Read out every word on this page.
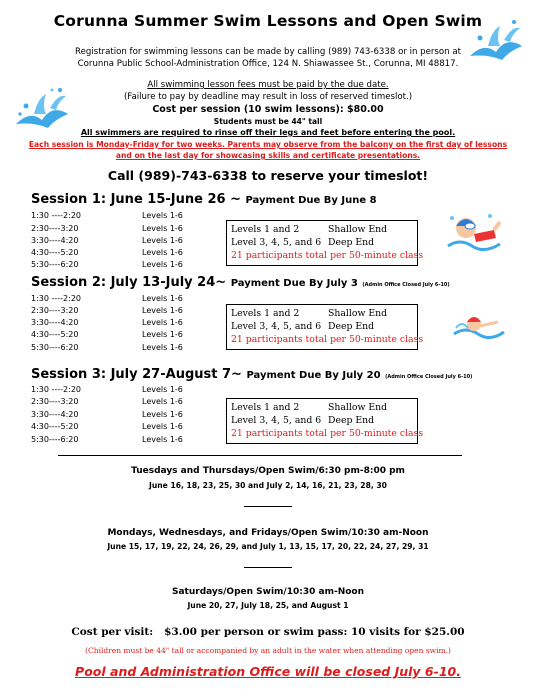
Corunna Summer Swim Lessons and Open Swim
Registration for swimming lessons can be made by calling (989) 743-6338 or in person at
Corunna Public School-Administration Office, 124 N. Shiawassee St., Corunna, MI 48817.
All swimming lesson fees must be paid by the due date.
(Failure to pay by deadline may result in loss of reserved timeslot.)
Cost per session (10 swim lessons): $80.00
Students must be 44" tall
All swimmers are required to rinse off their legs and feet before entering the pool.
Each session is Monday-Friday for two weeks. Parents may observe from the balcony on the first day of lessons
and on the last day for showcasing skills and certificate presentations.
Call (989)-743-6338 to reserve your timeslot!
Session 1: June 15-June 26 ~ Payment Due By June 8
1:30 ----2:20	Levels 1-6
2:30----3:20	Levels 1-6
3:30----4:20	Levels 1-6
4:30----5:20	Levels 1-6
5:30----6:20	Levels 1-6
Levels 1 and 2	Shallow End
Level 3, 4, 5, and 6 Deep End
21 participants total per 50-minute class
Session 2: July 13-July 24~ Payment Due By July 3 (Admin Office Closed July 6-10)
1:30 ----2:20	Levels 1-6
2:30----3:20	Levels 1-6
3:30----4:20	Levels 1-6
4:30----5:20	Levels 1-6
5:30----6:20	Levels 1-6
Levels 1 and 2	Shallow End
Level 3, 4, 5, and 6 Deep End
21 participants total per 50-minute class
Session 3: July 27-August 7~ Payment Due By July 20 (Admin Office Closed July 6-10)
1:30 ----2:20	Levels 1-6
2:30----3:20	Levels 1-6
3:30----4:20	Levels 1-6
4:30----5:20	Levels 1-6
5:30----6:20	Levels 1-6
Levels 1 and 2	Shallow End
Level 3, 4, 5, and 6 Deep End
21 participants total per 50-minute class
Tuesdays and Thursdays/Open Swim/6:30 pm-8:00 pm
June 16, 18, 23, 25, 30 and July 2, 14, 16, 21, 23, 28, 30
Mondays, Wednesdays, and Fridays/Open Swim/10:30 am-Noon
June 15, 17, 19, 22, 24, 26, 29, and July 1, 13, 15, 17, 20, 22, 24, 27, 29, 31
Saturdays/Open Swim/10:30 am-Noon
June 20, 27, July 18, 25, and August 1
Cost per visit:   $3.00 per person or swim pass: 10 visits for $25.00
(Children must be 44" tall or accompanied by an adult in the water when attending open swim.)
Pool and Administration Office will be closed July 6-10.
